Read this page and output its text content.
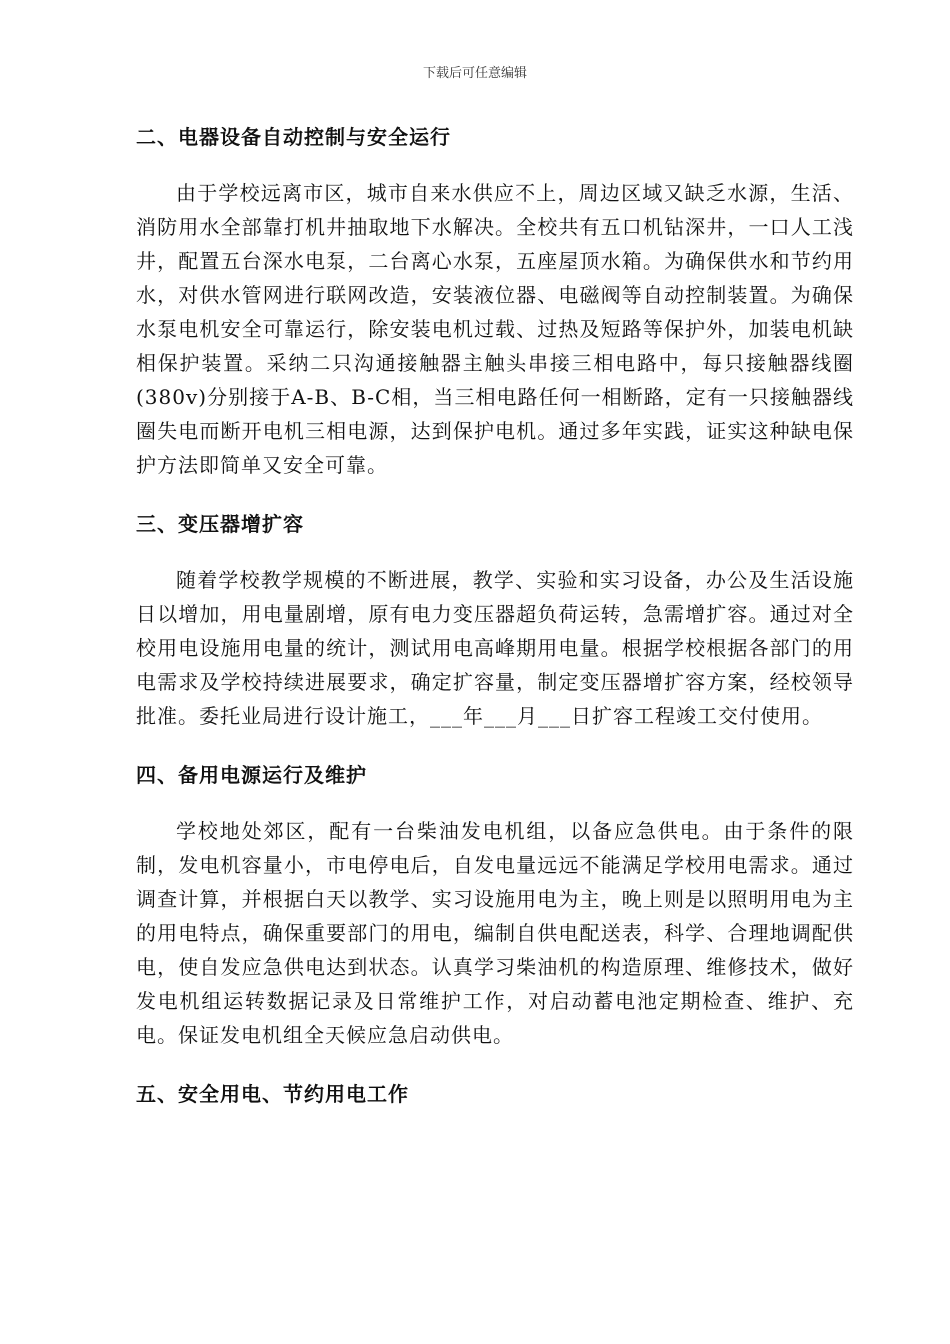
下载后可任意编辑
二、电器设备自动控制与安全运行

由于学校远离市区，城市自来水供应不上，周边区域又缺乏水源，生活、消防用水全部靠打机井抽取地下水解决。全校共有五口机钻深井，一口人工浅井，配置五台深水电泵，二台离心水泵，五座屋顶水箱。为确保供水和节约用水，对供水管网进行联网改造，安装液位器、电磁阀等自动控制装置。为确保水泵电机安全可靠运行，除安装电机过载、过热及短路等保护外，加装电机缺相保护装置。采纳二只沟通接触器主触头串接三相电路中，每只接触器线圈(380v)分别接于A-B、B-C相，当三相电路任何一相断路，定有一只接触器线圈失电而断开电机三相电源，达到保护电机。通过多年实践，证实这种缺电保护方法即简单又安全可靠。

三、变压器增扩容

随着学校教学规模的不断进展，教学、实验和实习设备，办公及生活设施日以增加，用电量剧增，原有电力变压器超负荷运转，急需增扩容。通过对全校用电设施用电量的统计，测试用电高峰期用电量。根据学校根据各部门的用电需求及学校持续进展要求，确定扩容量，制定变压器增扩容方案，经校领导批准。委托业局进行设计施工，___年___月___日扩容工程竣工交付使用。

四、备用电源运行及维护

学校地处郊区，配有一台柴油发电机组，以备应急供电。由于条件的限制，发电机容量小，市电停电后，自发电量远远不能满足学校用电需求。通过调查计算，并根据白天以教学、实习设施用电为主，晚上则是以照明用电为主的用电特点，确保重要部门的用电，编制自供电配送表，科学、合理地调配供电，使自发应急供电达到状态。认真学习柴油机的构造原理、维修技术，做好发电机组运转数据记录及日常维护工作，对启动蓄电池定期检查、维护、充电。保证发电机组全天候应急启动供电。

五、安全用电、节约用电工作
